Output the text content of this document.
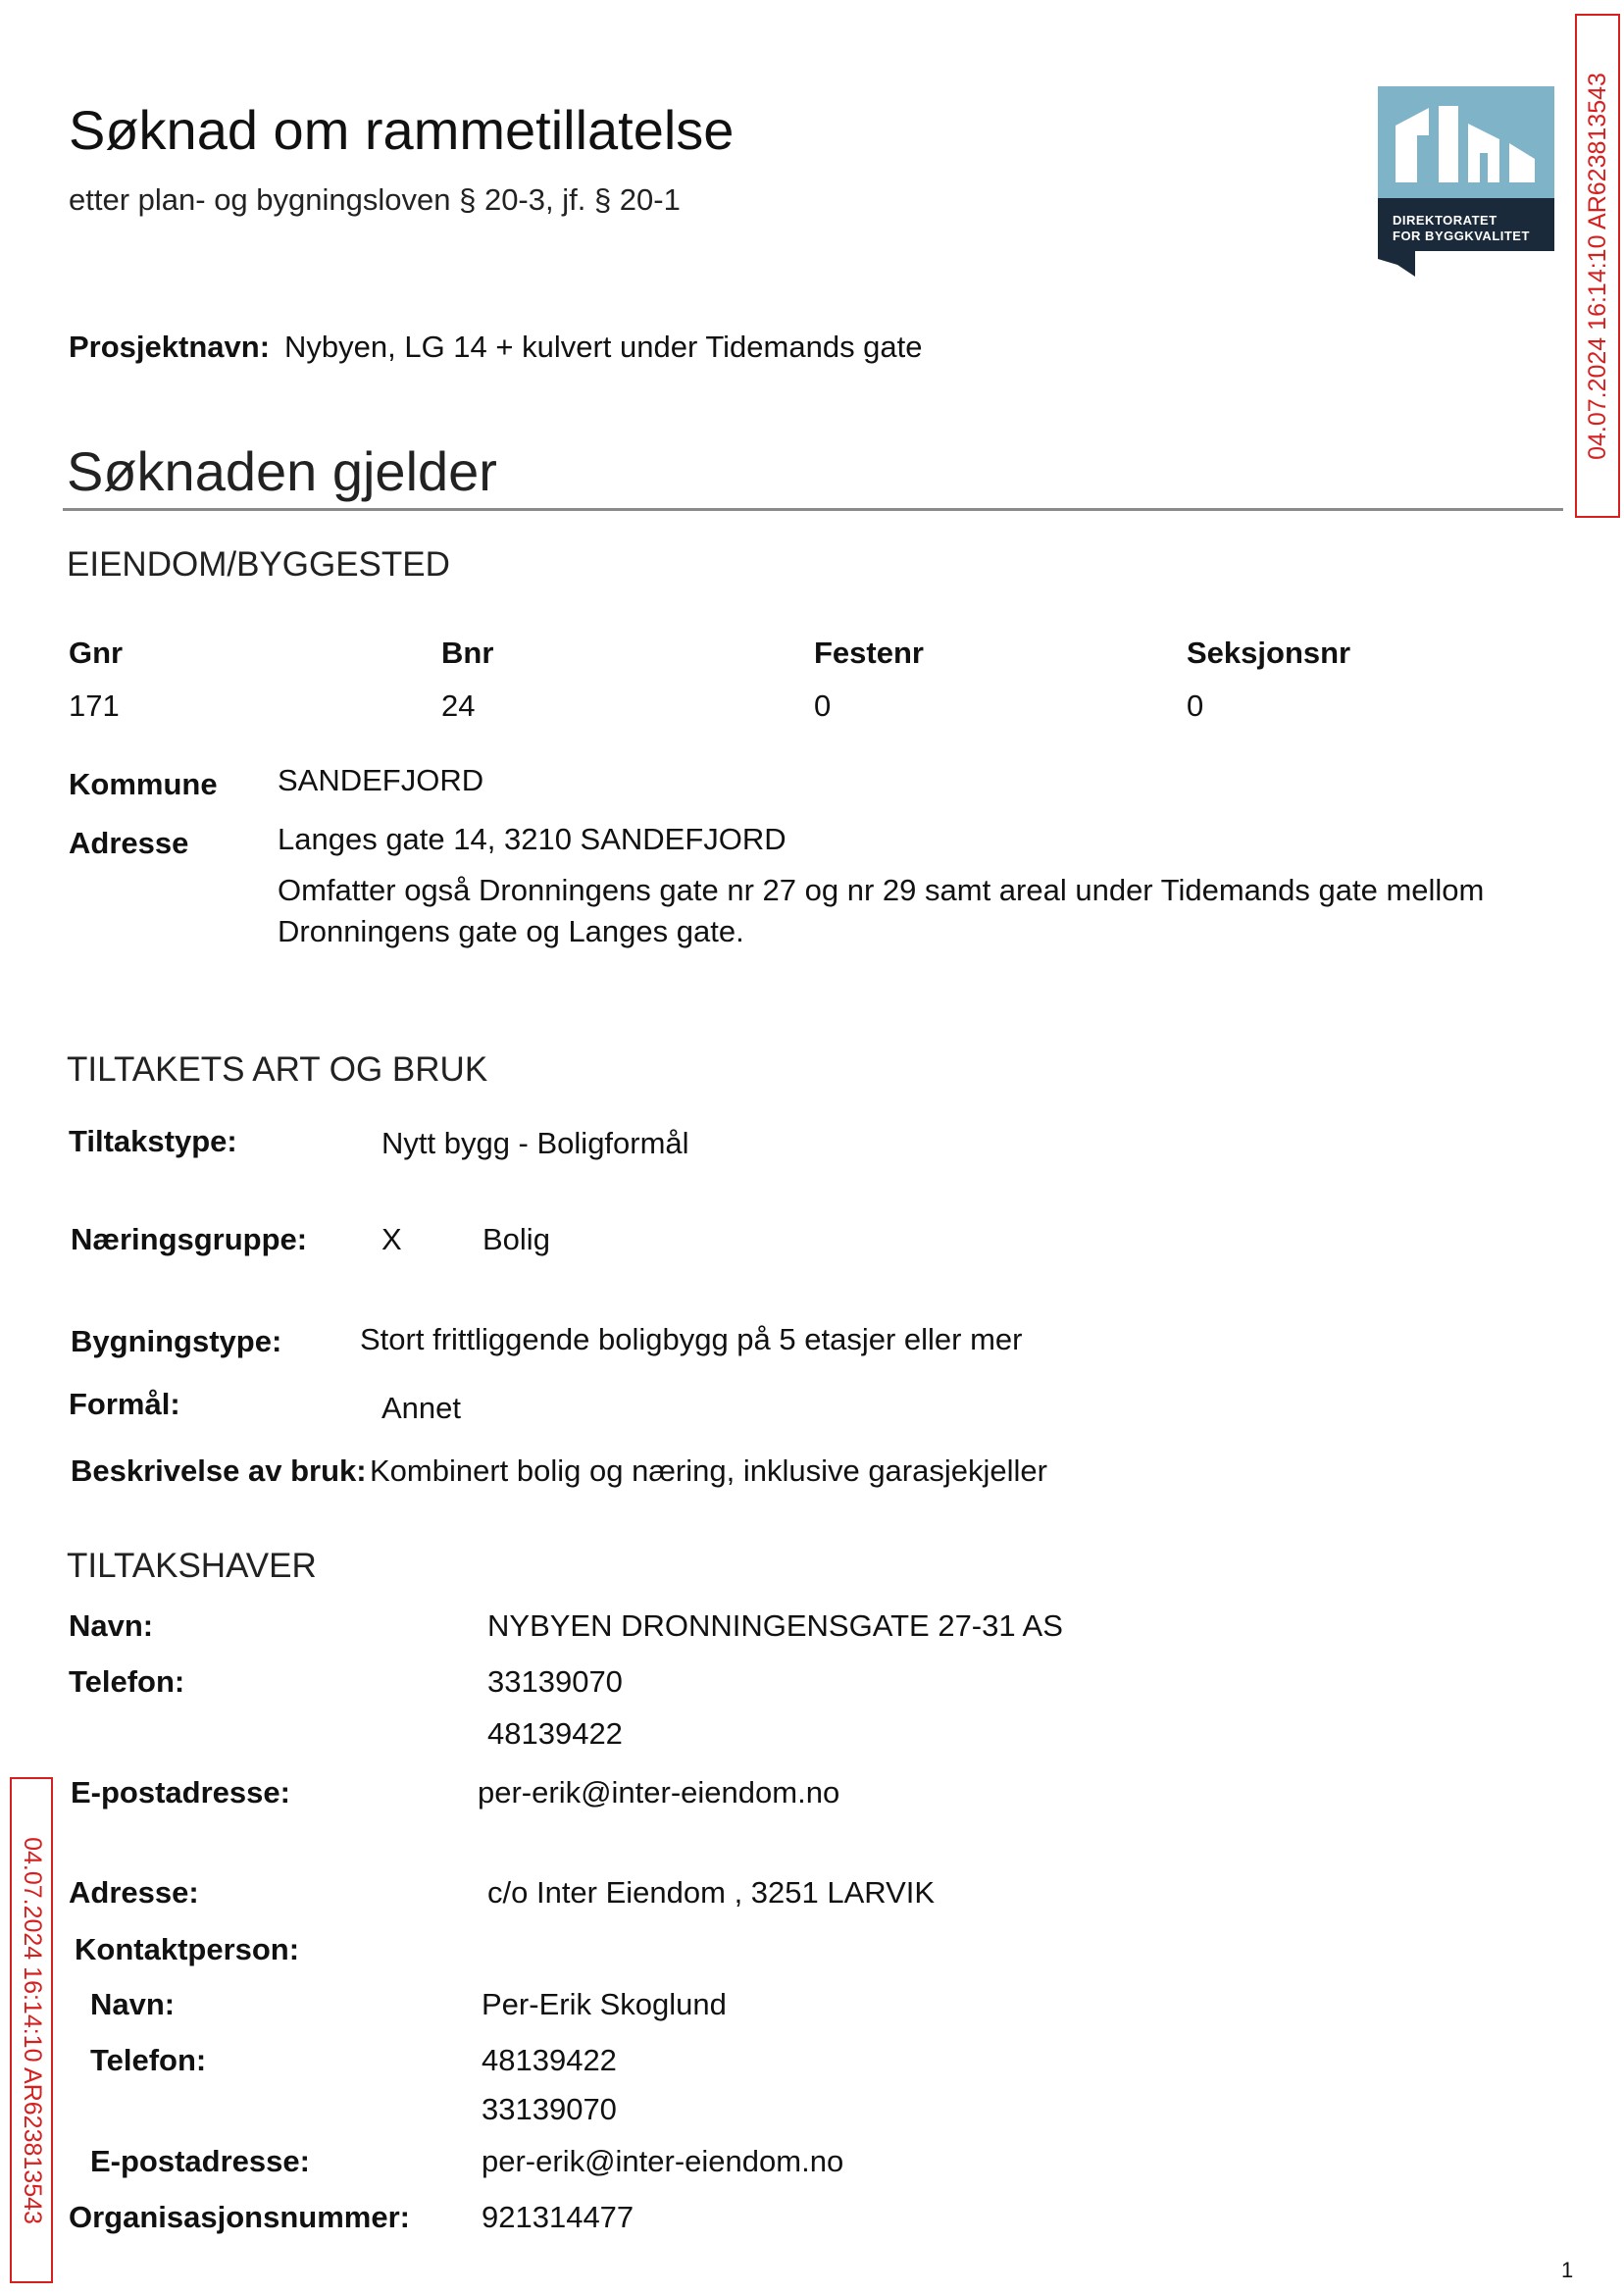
Søknad om rammetillatelse
etter plan- og bygningsloven § 20-3, jf. § 20-1
DIREKTORATET
FOR BYGGKVALITET 04.07.2024 16:14:10 AR623813543
04.07.2024 16:14:10 AR623813543
Prosjektnavn: Nybyen, LG 14 + kulvert under Tidemands gate
Søknaden gjelder
EIENDOM/BYGGESTED
Gnr	Bnr	Festenr	Seksjonsnr
171	24	0	0
Kommune SANDEFJORD
Adresse	Langes gate 14, 3210 SANDEFJORD
Omfatter også Dronningens gate nr 27 og nr 29 samt areal under Tidemands gate mellom
Dronningens gate og Langes gate.
TILTAKETS ART OG BRUK
Tiltakstype:	Nytt bygg - Boligformål
Næringsgruppe: X	Bolig
Bygningstype:	Stort frittliggende boligbygg på 5 etasjer eller mer
Formål:	Annet
Beskrivelse av bruk: Kombinert bolig og næring, inklusive garasjekjeller
TILTAKSHAVER
Navn:	NYBYEN DRONNINGENSGATE 27-31 AS
Telefon:	33139070
48139422
E-postadresse:	per-erik@inter-eiendom.no
Adresse:	c/o Inter Eiendom , 3251 LARVIK
Kontaktperson:
Navn:	Per-Erik Skoglund
Telefon:	48139422
33139070
E-postadresse:	per-erik@inter-eiendom.no
Organisasjonsnummer: 921314477
1
